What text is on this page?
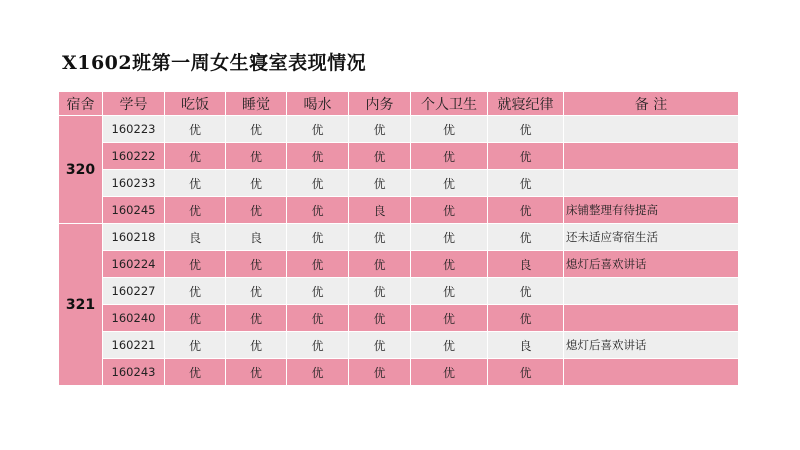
X1602班第一周女生寝室表现情况
宿舍	学号	吃饭	睡觉	喝水	内务	个人卫生	就寝纪律	备 注
320	160223	优	优	优	优	优	优	
	160222	优	优	优	优	优	优	
	160233	优	优	优	优	优	优	
	160245	优	优	优	良	优	优	床铺整理有待提高
321	160218	良	良	优	优	优	优	还未适应寄宿生活
	160224	优	优	优	优	优	良	熄灯后喜欢讲话
	160227	优	优	优	优	优	优	
	160240	优	优	优	优	优	优	
	160221	优	优	优	优	优	良	熄灯后喜欢讲话
	160243	优	优	优	优	优	优	
